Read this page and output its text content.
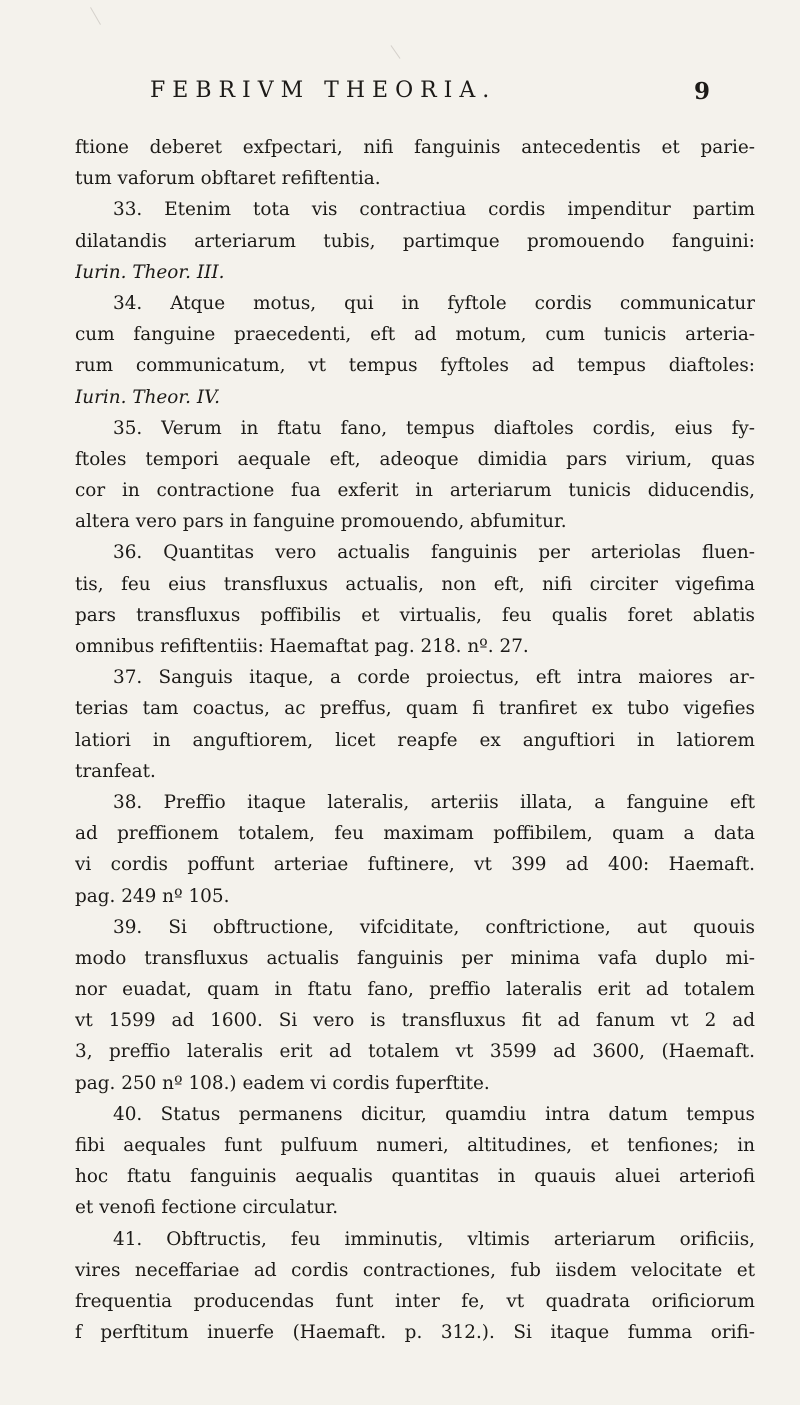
FEBRIVM THEORIA.	9
ftione deberet exfpectari, nifi fanguinis antecedentis et parie-
tum vaforum obftaret refiftentia.
33. Etenim tota vis contractiua cordis impenditur partim
dilatandis arteriarum tubis, partimque promouendo fanguini:
Iurin. Theor. III.
34. Atque motus, qui in fyftole cordis communicatur
cum fanguine praecedenti, eft ad motum, cum tunicis arteria-
rum communicatum, vt tempus fyftoles ad tempus diaftoles:
Iurin. Theor. IV.
35. Verum in ftatu fano, tempus diaftoles cordis, eius fy-
ftoles tempori aequale eft, adeoque dimidia pars virium, quas
cor in contractione fua exferit in arteriarum tunicis diducendis,
altera vero pars in fanguine promouendo, abfumitur.
36. Quantitas vero actualis fanguinis per arteriolas fluen-
tis, feu eius transfluxus actualis, non eft, nifi circiter vigefima
pars transfluxus poffibilis et virtualis, feu qualis foret ablatis
omnibus refiftentiis: Haemaftat pag. 218. nº. 27.
37. Sanguis itaque, a corde proiectus, eft intra maiores ar-
terias tam coactus, ac preffus, quam fi tranfiret ex tubo vigefies
latiori in anguftiorem, licet reapfe ex anguftiori in latiorem
tranfeat.
38. Preffio itaque lateralis, arteriis illata, a fanguine eft
ad preffionem totalem, feu maximam poffibilem, quam a data
vi cordis poffunt arteriae fuftinere, vt 399 ad 400: Haemaft.
pag. 249 nº 105.
39. Si obftructione, vifciditate, conftrictione, aut quouis
modo transfluxus actualis fanguinis per minima vafa duplo mi-
nor euadat, quam in ftatu fano, preffio lateralis erit ad totalem
vt 1599 ad 1600. Si vero is transfluxus fit ad fanum vt 2 ad
3, preffio lateralis erit ad totalem vt 3599 ad 3600, (Haemaft.
pag. 250 nº 108.) eadem vi cordis fuperftite.
40. Status permanens dicitur, quamdiu intra datum tempus
fibi aequales funt pulfuum numeri, altitudines, et tenfiones; in
hoc ftatu fanguinis aequalis quantitas in quauis aluei arteriofi
et venofi fectione circulatur.
41. Obftructis, feu imminutis, vltimis arteriarum orificiis,
vires neceffariae ad cordis contractiones, fub iisdem velocitate et
frequentia producendas funt inter fe, vt quadrata orificiorum
f perftitum inuerfe (Haemaft. p. 312.). Si itaque fumma orifi-
